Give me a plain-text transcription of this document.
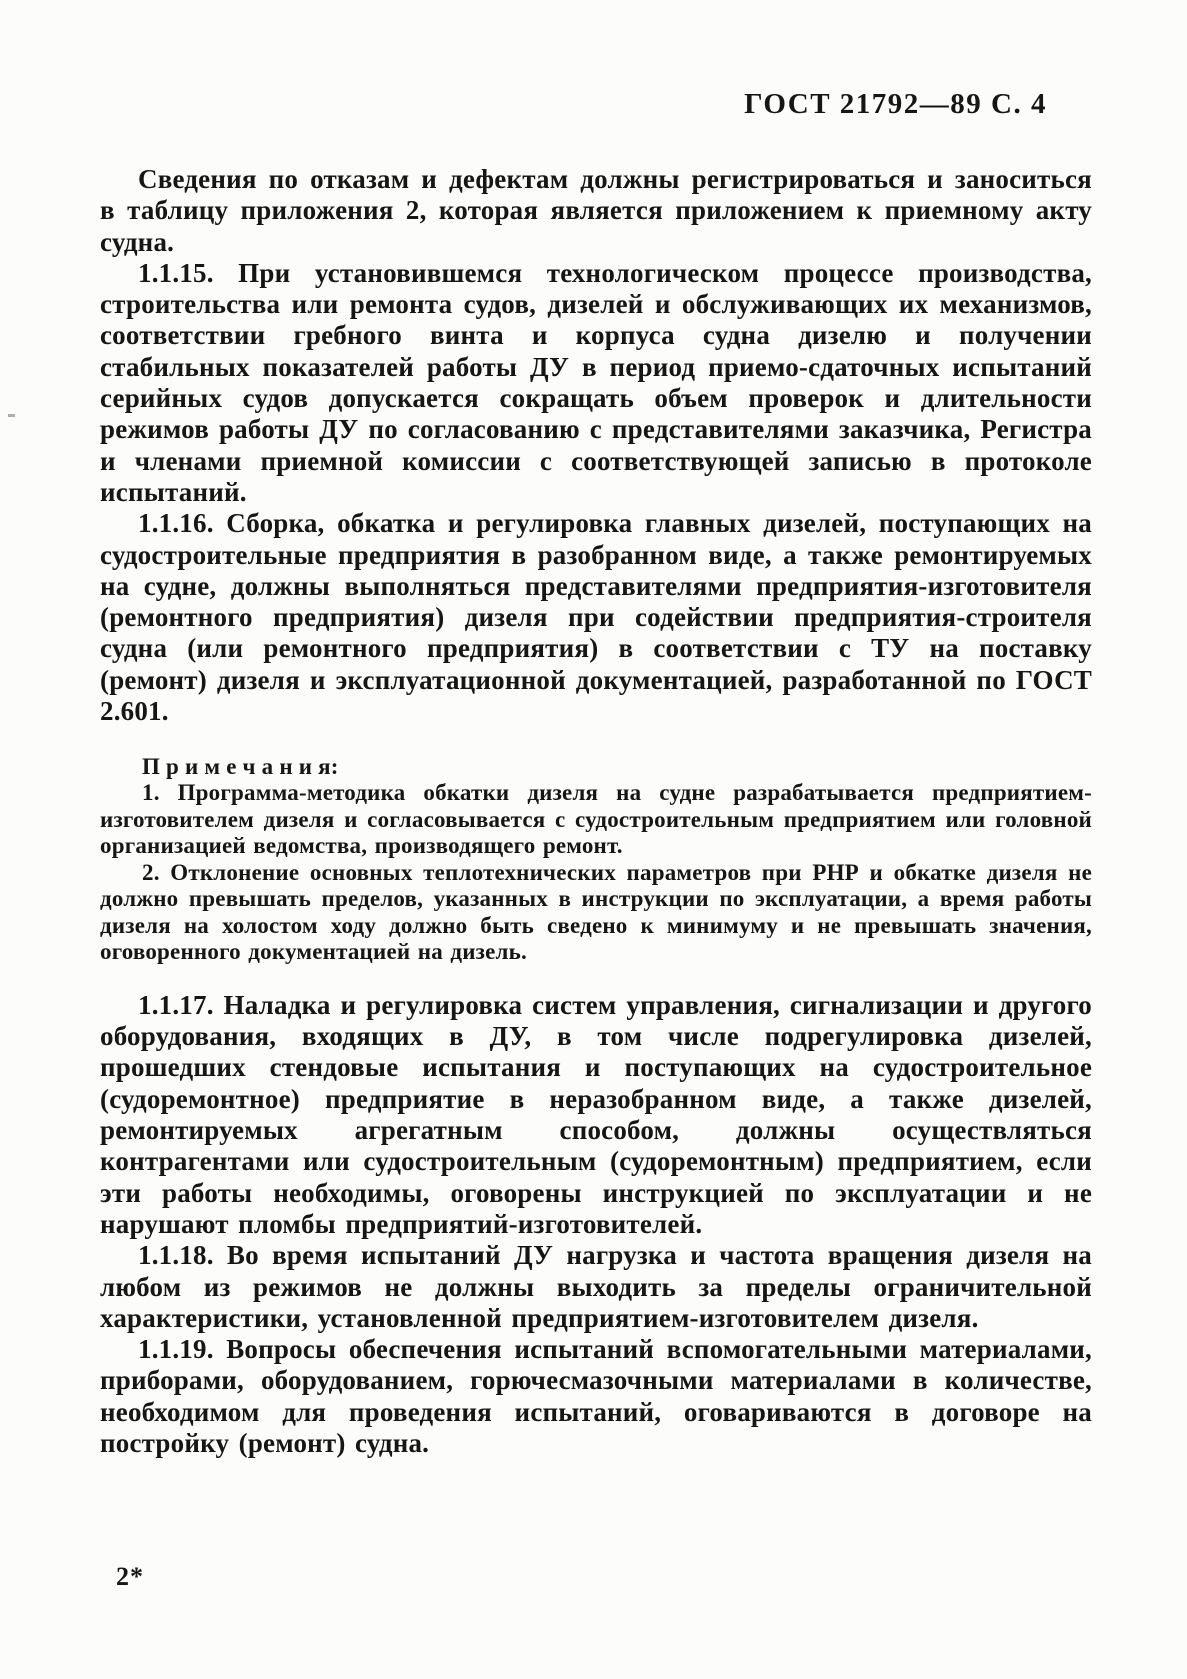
ГОСТ 21792—89 С. 4

Сведения по отказам и дефектам должны регистрироваться и заноситься в таблицу приложения 2, которая является приложением к приемному акту судна.

1.1.15. При установившемся технологическом процессе производства, строительства или ремонта судов, дизелей и обслуживающих их механизмов, соответствии гребного винта и корпуса судна дизелю и получении стабильных показателей работы ДУ в период приемо-сдаточных испытаний серийных судов допускается сокращать объем проверок и длительности режимов работы ДУ по согласованию с представителями заказчика, Регистра и членами приемной комиссии с соответствующей записью в протоколе испытаний.

1.1.16. Сборка, обкатка и регулировка главных дизелей, поступающих на судостроительные предприятия в разобранном виде, а также ремонтируемых на судне, должны выполняться представителями предприятия-изготовителя (ремонтного предприятия) дизеля при содействии предприятия-строителя судна (или ремонтного предприятия) в соответствии с ТУ на поставку (ремонт) дизеля и эксплуатационной документацией, разработанной по ГОСТ 2.601.

П р и м е ч а н и я:

1. Программа-методика обкатки дизеля на судне разрабатывается предприятием-изготовителем дизеля и согласовывается с судостроительным предприятием или головной организацией ведомства, производящего ремонт.

2. Отклонение основных теплотехнических параметров при РНР и обкатке дизеля не должно превышать пределов, указанных в инструкции по эксплуатации, а время работы дизеля на холостом ходу должно быть сведено к минимуму и не превышать значения, оговоренного документацией на дизель.

1.1.17. Наладка и регулировка систем управления, сигнализации и другого оборудования, входящих в ДУ, в том числе подрегулировка дизелей, прошедших стендовые испытания и поступающих на судостроительное (судоремонтное) предприятие в неразобранном виде, а также дизелей, ремонтируемых агрегатным способом, должны осуществляться контрагентами или судостроительным (судоремонтным) предприятием, если эти работы необходимы, оговорены инструкцией по эксплуатации и не нарушают пломбы предприятий-изготовителей.

1.1.18. Во время испытаний ДУ нагрузка и частота вращения дизеля на любом из режимов не должны выходить за пределы ограничительной характеристики, установленной предприятием-изготовителем дизеля.

1.1.19. Вопросы обеспечения испытаний вспомогательными материалами, приборами, оборудованием, горючесмазочными материалами в количестве, необходимом для проведения испытаний, оговариваются в договоре на постройку (ремонт) судна.

2*
